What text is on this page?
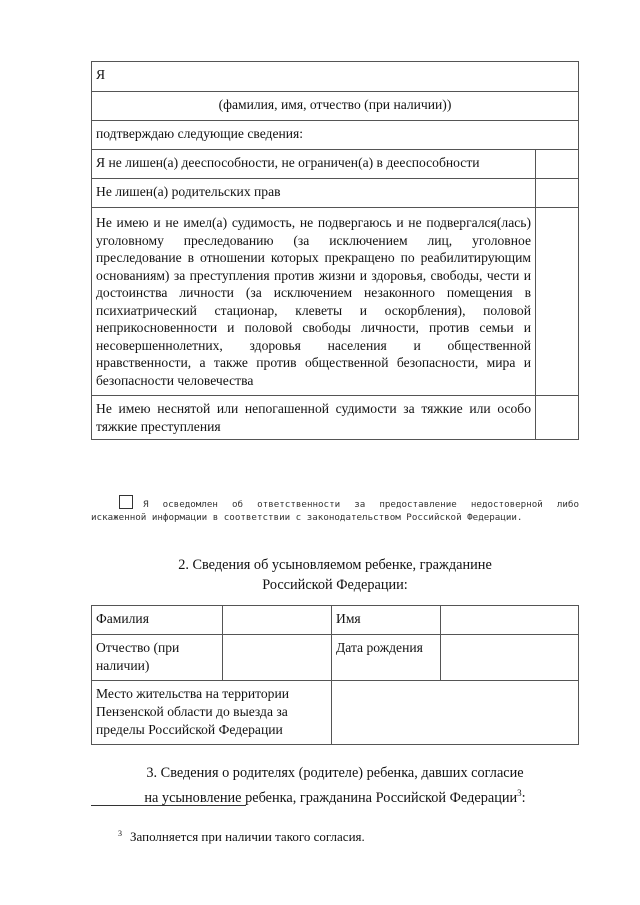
Я	
(фамилия, имя, отчество (при наличии))	
подтверждаю следующие сведения:	
Я не лишен(а) дееспособности, не ограничен(а) в дееспособности	
Не лишен(а) родительских прав	
Не имею и не имел(а) судимость, не подвергаюсь и не подвергался(лась) уголовному преследованию (за исключением лиц, уголовное преследование в отношении которых прекращено по реабилитирующим основаниям) за преступления против жизни и здоровья, свободы, чести и достоинства личности (за исключением незаконного помещения в психиатрический стационар, клеветы и оскорбления), половой неприкосновенности и половой свободы личности, против семьи и несовершеннолетних, здоровья населения и общественной нравственности, а также против общественной безопасности, мира и безопасности человечества	
Не имею неснятой или непогашенной судимости за тяжкие или особо тяжкие преступления	
Я осведомлен об ответственности за предоставление недостоверной либо искаженной информации в соответствии с законодательством Российской Федерации.
2. Сведения об усыновляемом ребенке, гражданине
Российской Федерации:
Фамилия		Имя	
Отчество (при наличии)		Дата рождения	
Место жительства на территории Пензенской области до выезда за пределы Российской Федерации			
3. Сведения о родителях (родителе) ребенка, давших согласие
на усыновление ребенка, гражданина Российской Федерации$^3$:
$^3$ Заполняется при наличии такого согласия.
